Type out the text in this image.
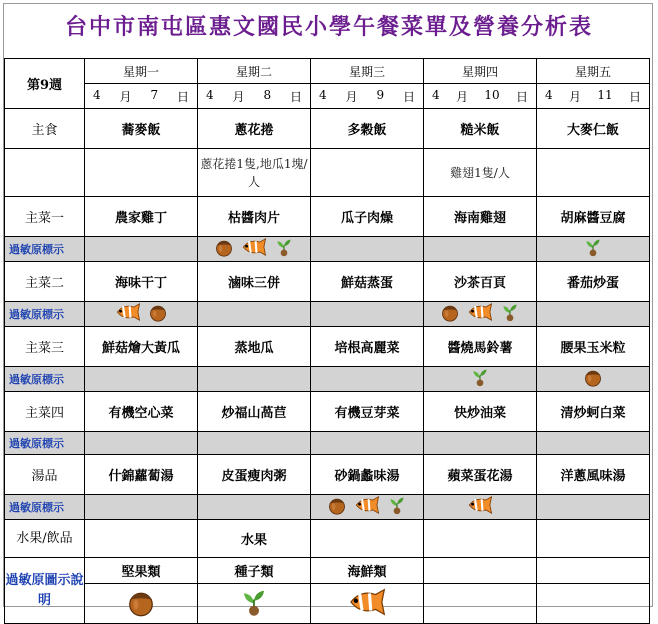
台中市南屯區惠文國民小學午餐菜單及營養分析表
第9週	星期一	星期二	星期三	星期四	星期五

	4 月 7 日	4 月 8 日	4 月 9 日	4 月 10 日	4 月 11 日

主食	蕎麥飯	蔥花捲	多穀飯	糙米飯	大麥仁飯
		蔥花捲1隻,地瓜1塊/人		雞翅1隻/人	
主菜一	農家雞丁	枯醬肉片	瓜子肉燥	海南雞翅	胡麻醬豆腐
過敏原標示	

主菜二	海味干丁	滷味三併	鮮菇蒸蛋	沙茶百頁	番茄炒蛋
過敏原標示	

主菜三	鮮菇燴大黃瓜	蒸地瓜	培根高麗菜	醬燒馬鈴薯	腰果玉米粒
過敏原標示	

主菜四	有機空心菜	炒福山萵苣	有機豆芽菜	快炒油菜	清炒蚵白菜
過敏原標示	

湯品	什錦蘿蔔湯	皮蛋瘦肉粥	砂鍋蠡味湯	蘋菜蛋花湯	洋蔥風味湯
過敏原標示	

水果/飲品		水果			
過敏原圖示說明	堅果類	種子類	海鮮類		
